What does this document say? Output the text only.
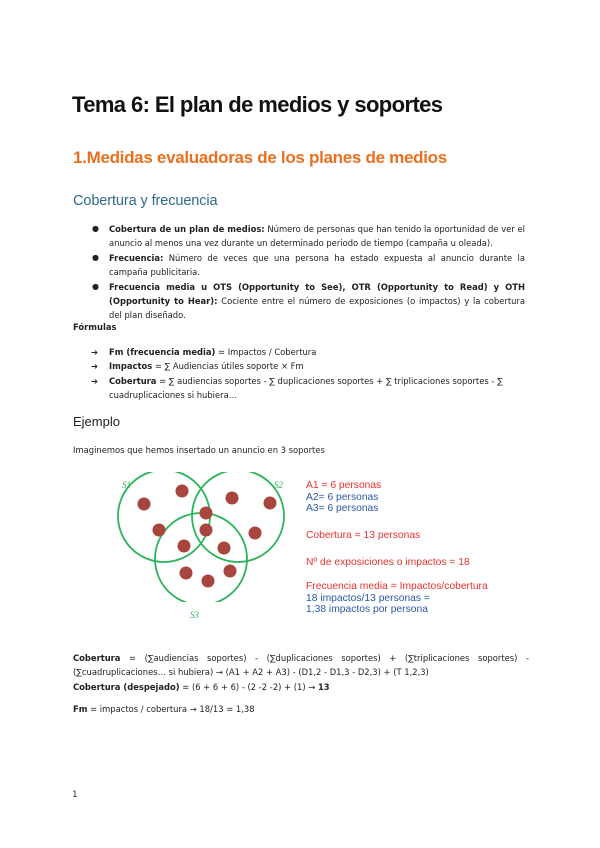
Tema 6: El plan de medios y soportes
1.Medidas evaluadoras de los planes de medios
Cobertura y frecuencia
● Cobertura de un plan de medios: Número de personas que han tenido la oportunidad de ver el anuncio al menos una vez durante un determinado periodo de tiempo (campaña u oleada).
● Frecuencia: Número de veces que una persona ha estado expuesta al anuncio durante la campaña publicitaria.
● Frecuencia media u OTS (Opportunity to See), OTR (Opportunity to Read) y OTH (Opportunity to Hear): Cociente entre el número de exposiciones (o impactos) y la cobertura del plan diseñado.
Fórmulas
➔ Fm (frecuencia media) = Impactos / Cobertura
➔ Impactos = ∑ Audiencias útiles soporte × Fm
➔ Cobertura = ∑ audiencias soportes - ∑ duplicaciones soportes + ∑ triplicaciones soportes - ∑ cuadruplicaciones si hubiera…
Ejemplo
Imaginemos que hemos insertado un anuncio en 3 soportes
S1	S2
S3
A1 = 6 personas
A2= 6 personas
A3= 6 personas
Cobertura = 13 personas
Nº de exposiciones o impactos = 18
Frecuencia media = Impactos/cobertura
18 impactos/13 personas =
1,38 impactos por persona
Cobertura = (∑audiencias soportes) - (∑duplicaciones soportes) + (∑triplicaciones soportes) - (∑cuadruplicaciones… si hubiera) → (A1 + A2 + A3) - (D1,2 - D1,3 - D2,3) + (T 1,2,3)
Cobertura (despejado) = (6 + 6 + 6) - (2 -2 -2) + (1) → 13
Fm = impactos / cobertura → 18/13 = 1,38
1
